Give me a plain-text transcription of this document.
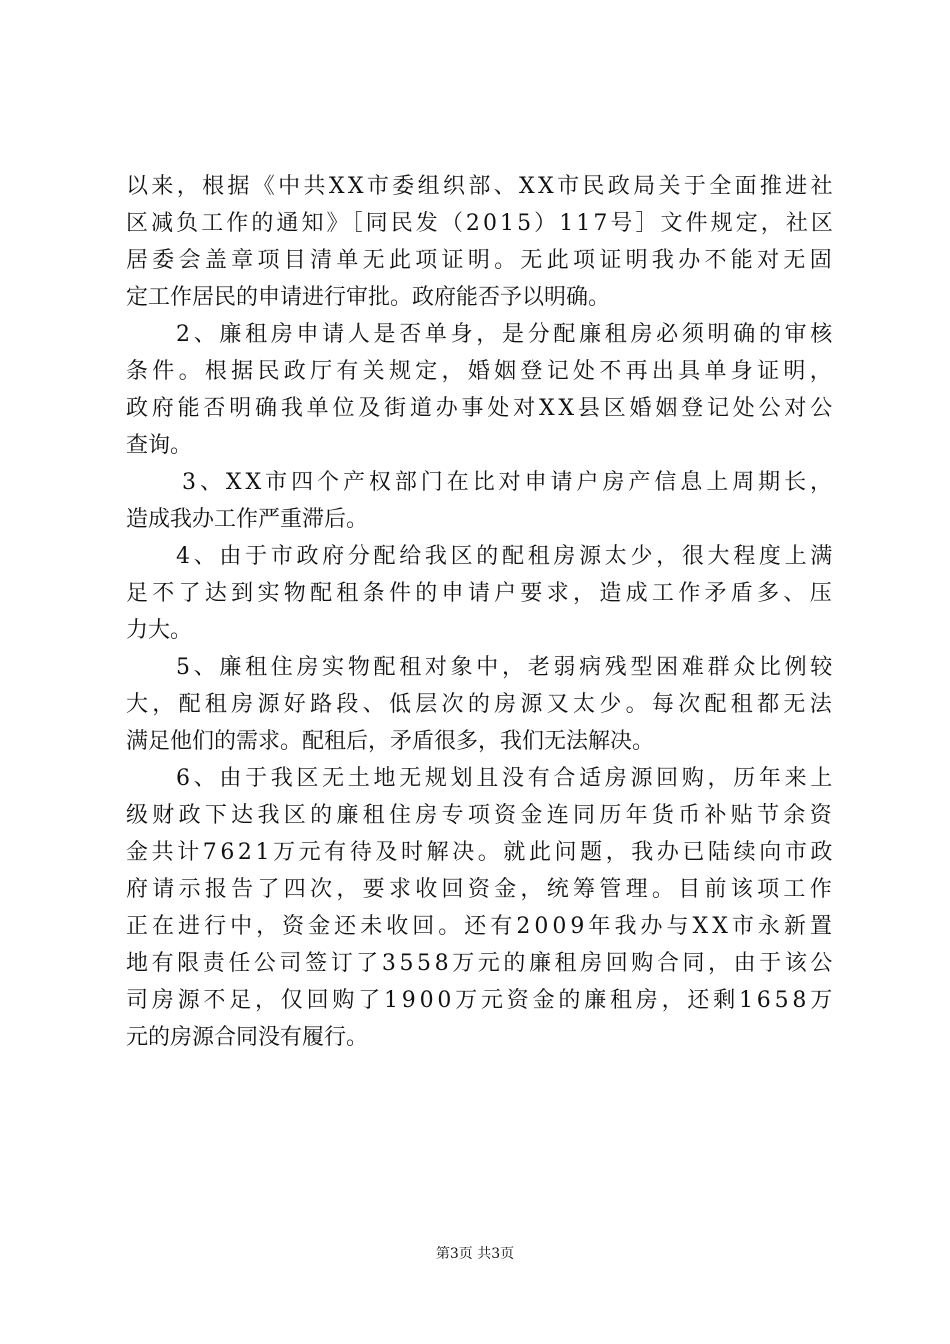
以来，根据《中共XX市委组织部、XX市民政局关于全面推进社
区减负工作的通知》［同民发（2015）117号］文件规定，社区
居委会盖章项目清单无此项证明。无此项证明我办不能对无固
定工作居民的申请进行审批。政府能否予以明确。
2、廉租房申请人是否单身，是分配廉租房必须明确的审核
条件。根据民政厅有关规定，婚姻登记处不再出具单身证明，
政府能否明确我单位及街道办事处对XX县区婚姻登记处公对公
查询。
3、XX市四个产权部门在比对申请户房产信息上周期长，
造成我办工作严重滞后。
4、由于市政府分配给我区的配租房源太少，很大程度上满
足不了达到实物配租条件的申请户要求，造成工作矛盾多、压
力大。
5、廉租住房实物配租对象中，老弱病残型困难群众比例较
大，配租房源好路段、低层次的房源又太少。每次配租都无法
满足他们的需求。配租后，矛盾很多，我们无法解决。
6、由于我区无土地无规划且没有合适房源回购，历年来上
级财政下达我区的廉租住房专项资金连同历年货币补贴节余资
金共计7621万元有待及时解决。就此问题，我办已陆续向市政
府请示报告了四次，要求收回资金，统筹管理。目前该项工作
正在进行中，资金还未收回。还有2009年我办与XX市永新置
地有限责任公司签订了3558万元的廉租房回购合同，由于该公
司房源不足，仅回购了1900万元资金的廉租房，还剩1658万
元的房源合同没有履行。
第3页 共3页
